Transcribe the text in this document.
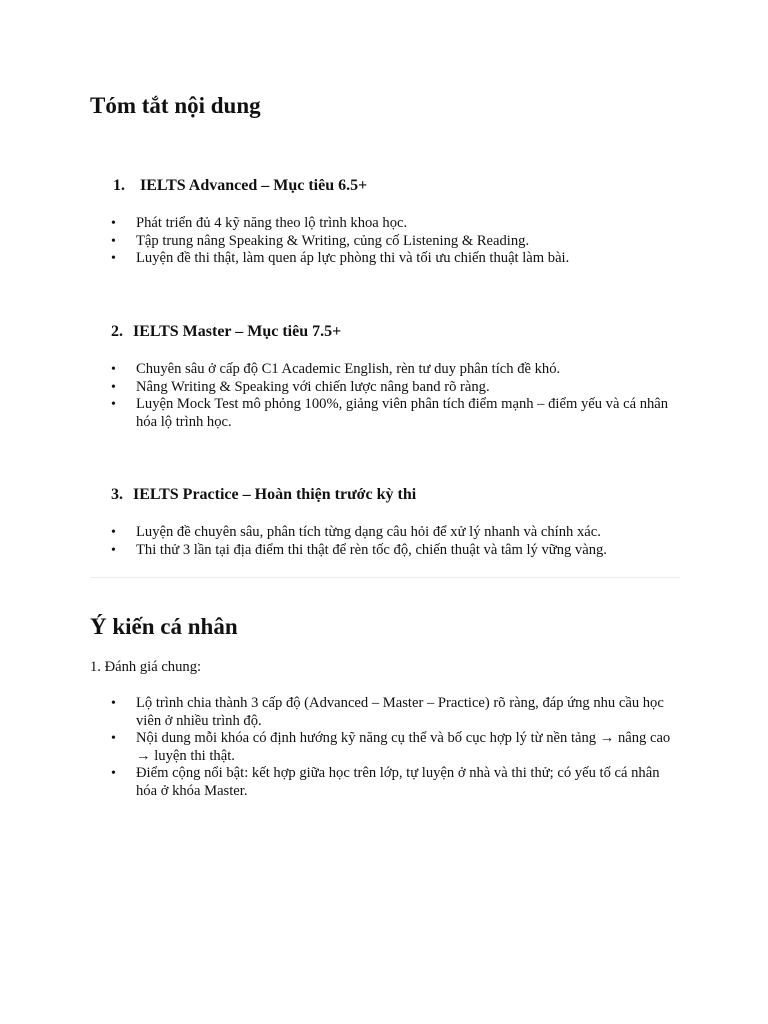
Tóm tắt nội dung
1. IELTS Advanced – Mục tiêu 6.5+
• Phát triển đủ 4 kỹ năng theo lộ trình khoa học.
• Tập trung nâng Speaking & Writing, củng cố Listening & Reading.
• Luyện đề thi thật, làm quen áp lực phòng thi và tối ưu chiến thuật làm bài.
2. IELTS Master – Mục tiêu 7.5+
• Chuyên sâu ở cấp độ C1 Academic English, rèn tư duy phân tích đề khó.
• Nâng Writing & Speaking với chiến lược nâng band rõ ràng.
• Luyện Mock Test mô phỏng 100%, giảng viên phân tích điểm mạnh – điểm yếu và cá nhân hóa lộ trình học.
3. IELTS Practice – Hoàn thiện trước kỳ thi
• Luyện đề chuyên sâu, phân tích từng dạng câu hỏi để xử lý nhanh và chính xác.
• Thi thử 3 lần tại địa điểm thi thật để rèn tốc độ, chiến thuật và tâm lý vững vàng.
Ý kiến cá nhân

1. Đánh giá chung:

• Lộ trình chia thành 3 cấp độ (Advanced – Master – Practice) rõ ràng, đáp ứng nhu cầu học viên ở nhiều trình độ.
• Nội dung mỗi khóa có định hướng kỹ năng cụ thể và bố cục hợp lý từ nền tảng → nâng cao → luyện thi thật.
• Điểm cộng nổi bật: kết hợp giữa học trên lớp, tự luyện ở nhà và thi thử; có yếu tố cá nhân hóa ở khóa Master.
